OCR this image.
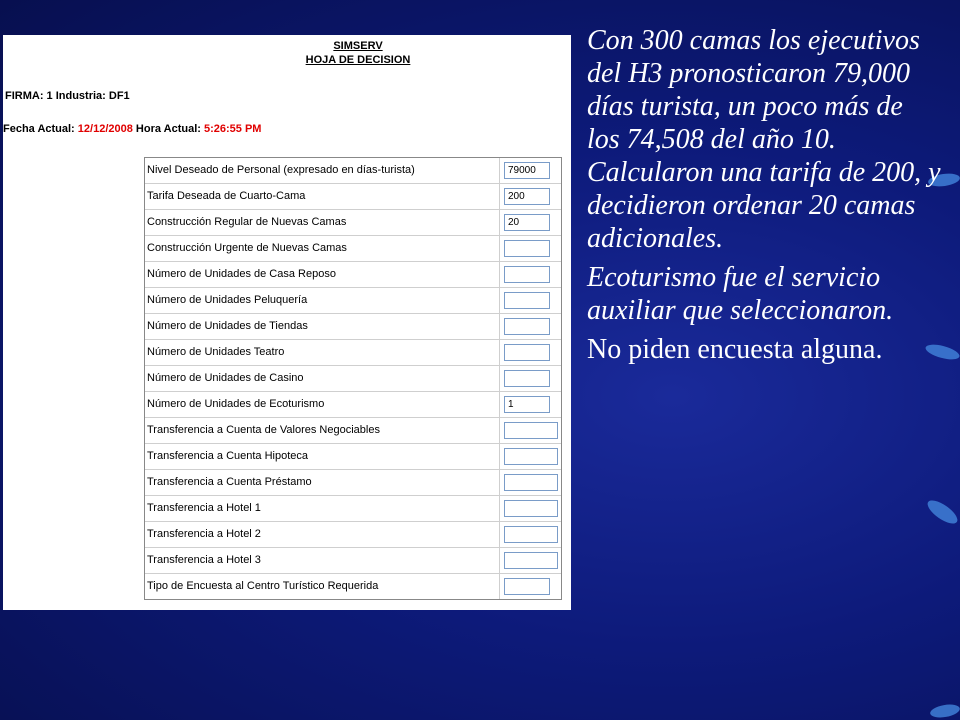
SIMSERV
HOJA DE DECISION
FIRMA: 1 Industria: DF1
Fecha Actual: 12/12/2008 Hora Actual: 5:26:55 PM
Nivel Deseado de Personal (expresado en días-turista)	79000
Tarifa Deseada de Cuarto-Cama	200
Construcción Regular de Nuevas Camas	20
Construcción Urgente de Nuevas Camas
Número de Unidades de Casa Reposo
Número de Unidades Peluquería
Número de Unidades de Tiendas
Número de Unidades Teatro
Número de Unidades de Casino
Número de Unidades de Ecoturismo	1
Transferencia a Cuenta de Valores Negociables
Transferencia a Cuenta Hipoteca
Transferencia a Cuenta Préstamo
Transferencia a Hotel 1
Transferencia a Hotel 2
Transferencia a Hotel 3
Tipo de Encuesta al Centro Turístico Requerida

Con 300 camas los ejecutivos del H3 pronosticaron 79,000 días turista, un poco más de los 74,508 del año 10. Calcularon una tarifa de 200, y decidieron ordenar 20 camas adicionales.

Ecoturismo fue el servicio auxiliar que seleccionaron.

No piden encuesta alguna.
